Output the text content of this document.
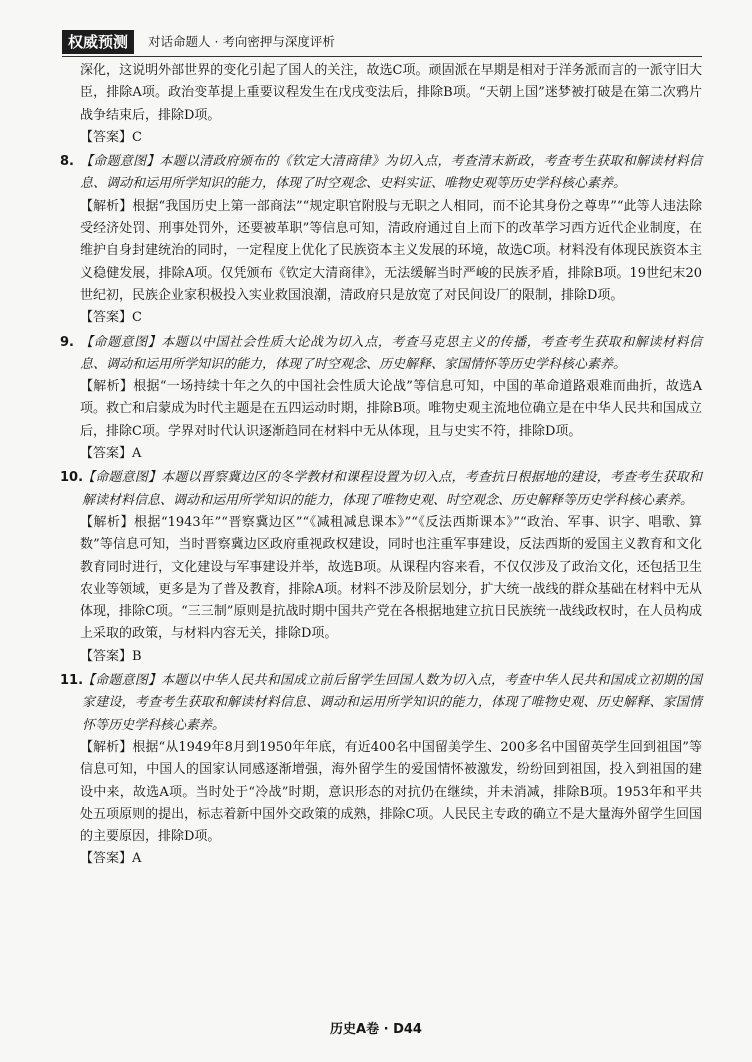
权威预测	对话命题人 · 考向密押与深度评析

深化，这说明外部世界的变化引起了国人的关注，故选C项。顽固派在早期是相对于洋务派而言的一派守旧大臣，排除A项。政治变革提上重要议程发生在戊戌变法后，排除B项。“天朝上国”迷梦被打破是在第二次鸦片战争结束后，排除D项。

【答案】C

8. 【命题意图】本题以清政府颁布的《钦定大清商律》为切入点，考查清末新政，考查考生获取和解读材料信息、调动和运用所学知识的能力，体现了时空观念、史料实证、唯物史观等历史学科核心素养。

【解析】根据“我国历史上第一部商法”“规定职官附股与无职之人相同，而不论其身份之尊卑”“此等人违法除受经济处罚、刑事处罚外，还要被革职”等信息可知，清政府通过自上而下的改革学习西方近代企业制度，在维护自身封建统治的同时，一定程度上优化了民族资本主义发展的环境，故选C项。材料没有体现民族资本主义稳健发展，排除A项。仅凭颁布《钦定大清商律》，无法缓解当时严峻的民族矛盾，排除B项。19世纪末20世纪初，民族企业家积极投入实业救国浪潮，清政府只是放宽了对民间设厂的限制，排除D项。

【答案】C

9. 【命题意图】本题以中国社会性质大论战为切入点，考查马克思主义的传播，考查考生获取和解读材料信息、调动和运用所学知识的能力，体现了时空观念、历史解释、家国情怀等历史学科核心素养。

【解析】根据“一场持续十年之久的中国社会性质大论战”等信息可知，中国的革命道路艰难而曲折，故选A项。救亡和启蒙成为时代主题是在五四运动时期，排除B项。唯物史观主流地位确立是在中华人民共和国成立后，排除C项。学界对时代认识逐渐趋同在材料中无从体现，且与史实不符，排除D项。

【答案】A

10.
【命题意图】本题以晋察冀边区的冬学教材和课程设置为切入点，考查抗日根据地的建设，考查考生获取和解读材料信息、调动和运用所学知识的能力，体现了唯物史观、时空观念、历史解释等历史学科核心素养。

【解析】根据“1943年”“晋察冀边区”“《减租减息课本》”“《反法西斯课本》”“政治、军事、识字、唱歌、算数”等信息可知，当时晋察冀边区政府重视政权建设，同时也注重军事建设，反法西斯的爱国主义教育和文化教育同时进行，文化建设与军事建设并举，故选B项。从课程内容来看，不仅仅涉及了政治文化，还包括卫生农业等领域，更多是为了普及教育，排除A项。材料不涉及阶层划分，扩大统一战线的群众基础在材料中无从体现，排除C项。“三三制”原则是抗战时期中国共产党在各根据地建立抗日民族统一战线政权时，在人员构成上采取的政策，与材料内容无关，排除D项。

【答案】B

11.
【命题意图】本题以中华人民共和国成立前后留学生回国人数为切入点，考查中华人民共和国成立初期的国家建设，考查考生获取和解读材料信息、调动和运用所学知识的能力，体现了唯物史观、历史解释、家国情怀等历史学科核心素养。

【解析】根据“从1949年8月到1950年年底，有近400名中国留美学生、200多名中国留英学生回到祖国”等信息可知，中国人的国家认同感逐渐增强，海外留学生的爱国情怀被激发，纷纷回到祖国，投入到祖国的建设中来，故选A项。当时处于“冷战”时期，意识形态的对抗仍在继续，并未消减，排除B项。1953年和平共处五项原则的提出，标志着新中国外交政策的成熟，排除C项。人民民主专政的确立不是大量海外留学生回国的主要原因，排除D项。

【答案】A

历史A卷 · D44
